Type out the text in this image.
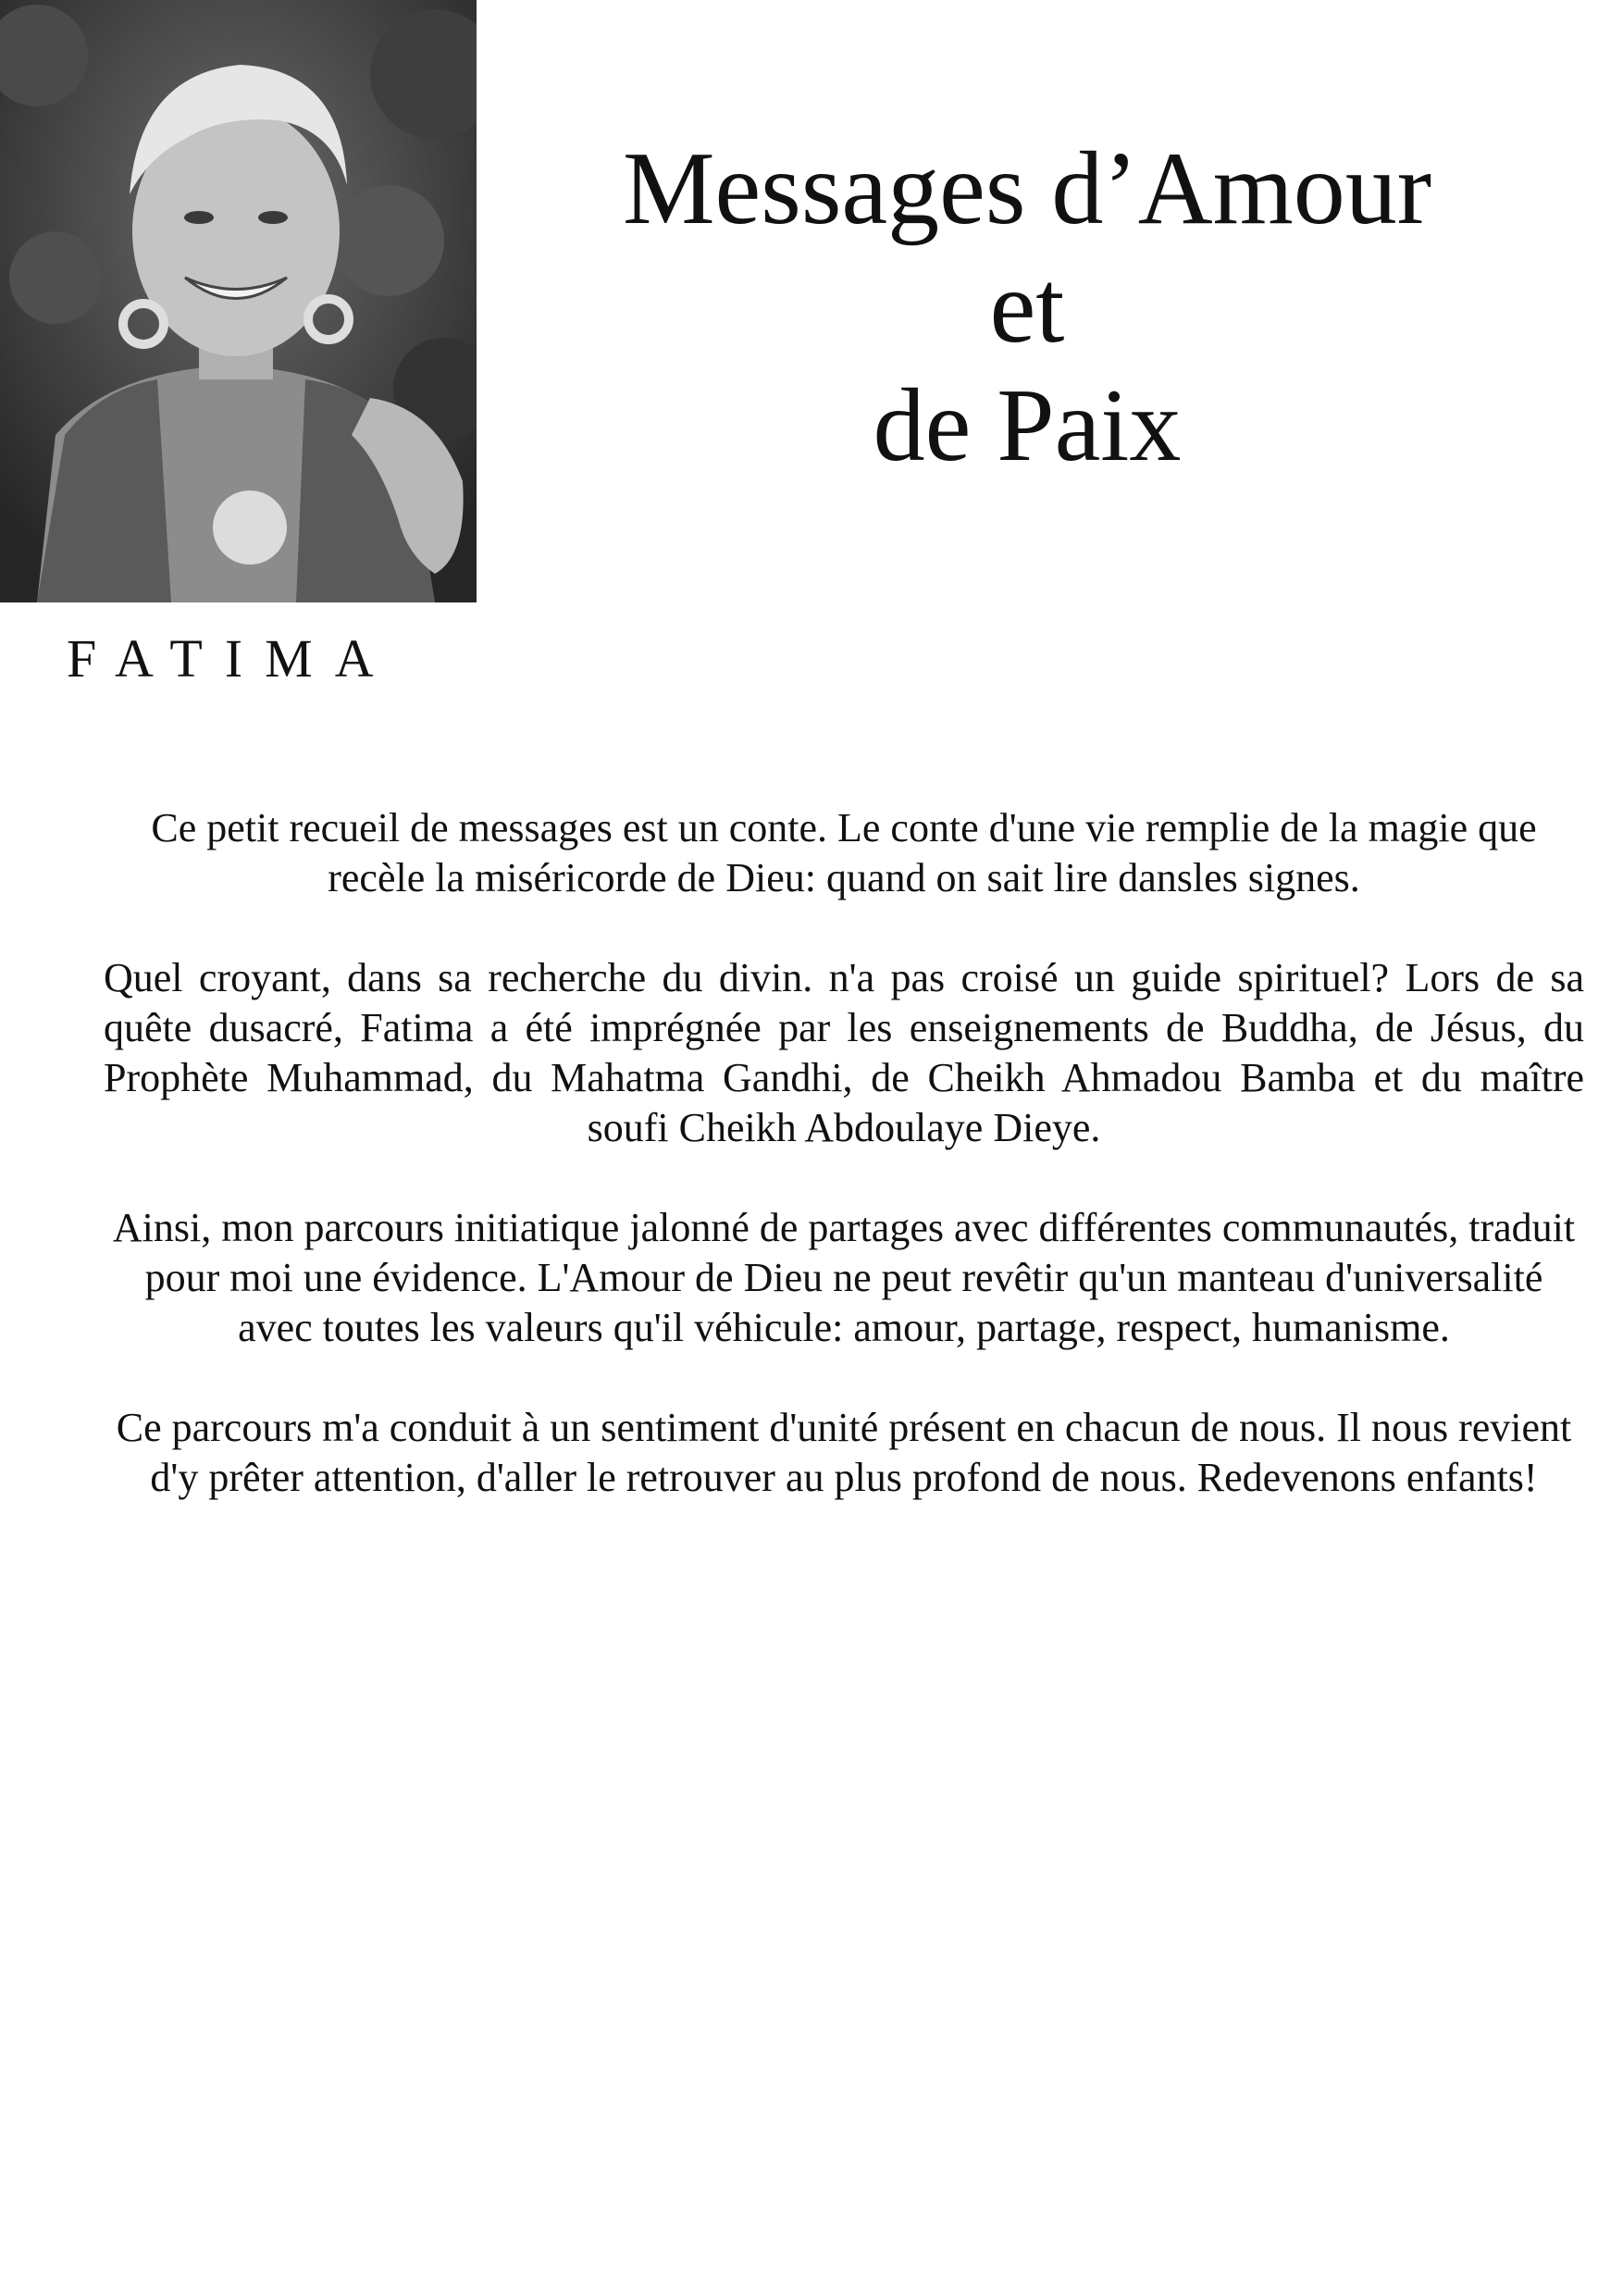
FATIMA
Messages d’Amour
et
de Paix

Ce petit recueil de messages est un conte. Le conte d'une vie remplie de la magie que recèle la miséricorde de Dieu: quand on sait lire dansles signes.

Quel croyant, dans sa recherche du divin. n'a pas croisé un guide spirituel? Lors de sa quête dusacré, Fatima a été imprégnée par les enseignements de Buddha, de Jésus, du Prophète Muhammad, du Mahatma Gandhi, de Cheikh Ahmadou Bamba et du maître soufi Cheikh Abdoulaye Dieye.

Ainsi, mon parcours initiatique jalonné de partages avec différentes communautés, traduit pour moi une évidence. L'Amour de Dieu ne peut revêtir qu'un manteau d'universalité avec toutes les valeurs qu'il véhicule: amour, partage, respect, humanisme.

Ce parcours m'a conduit à un sentiment d'unité présent en chacun de nous. Il nous revient d'y prêter attention, d'aller le retrouver au plus profond de nous. Redevenons enfants!
